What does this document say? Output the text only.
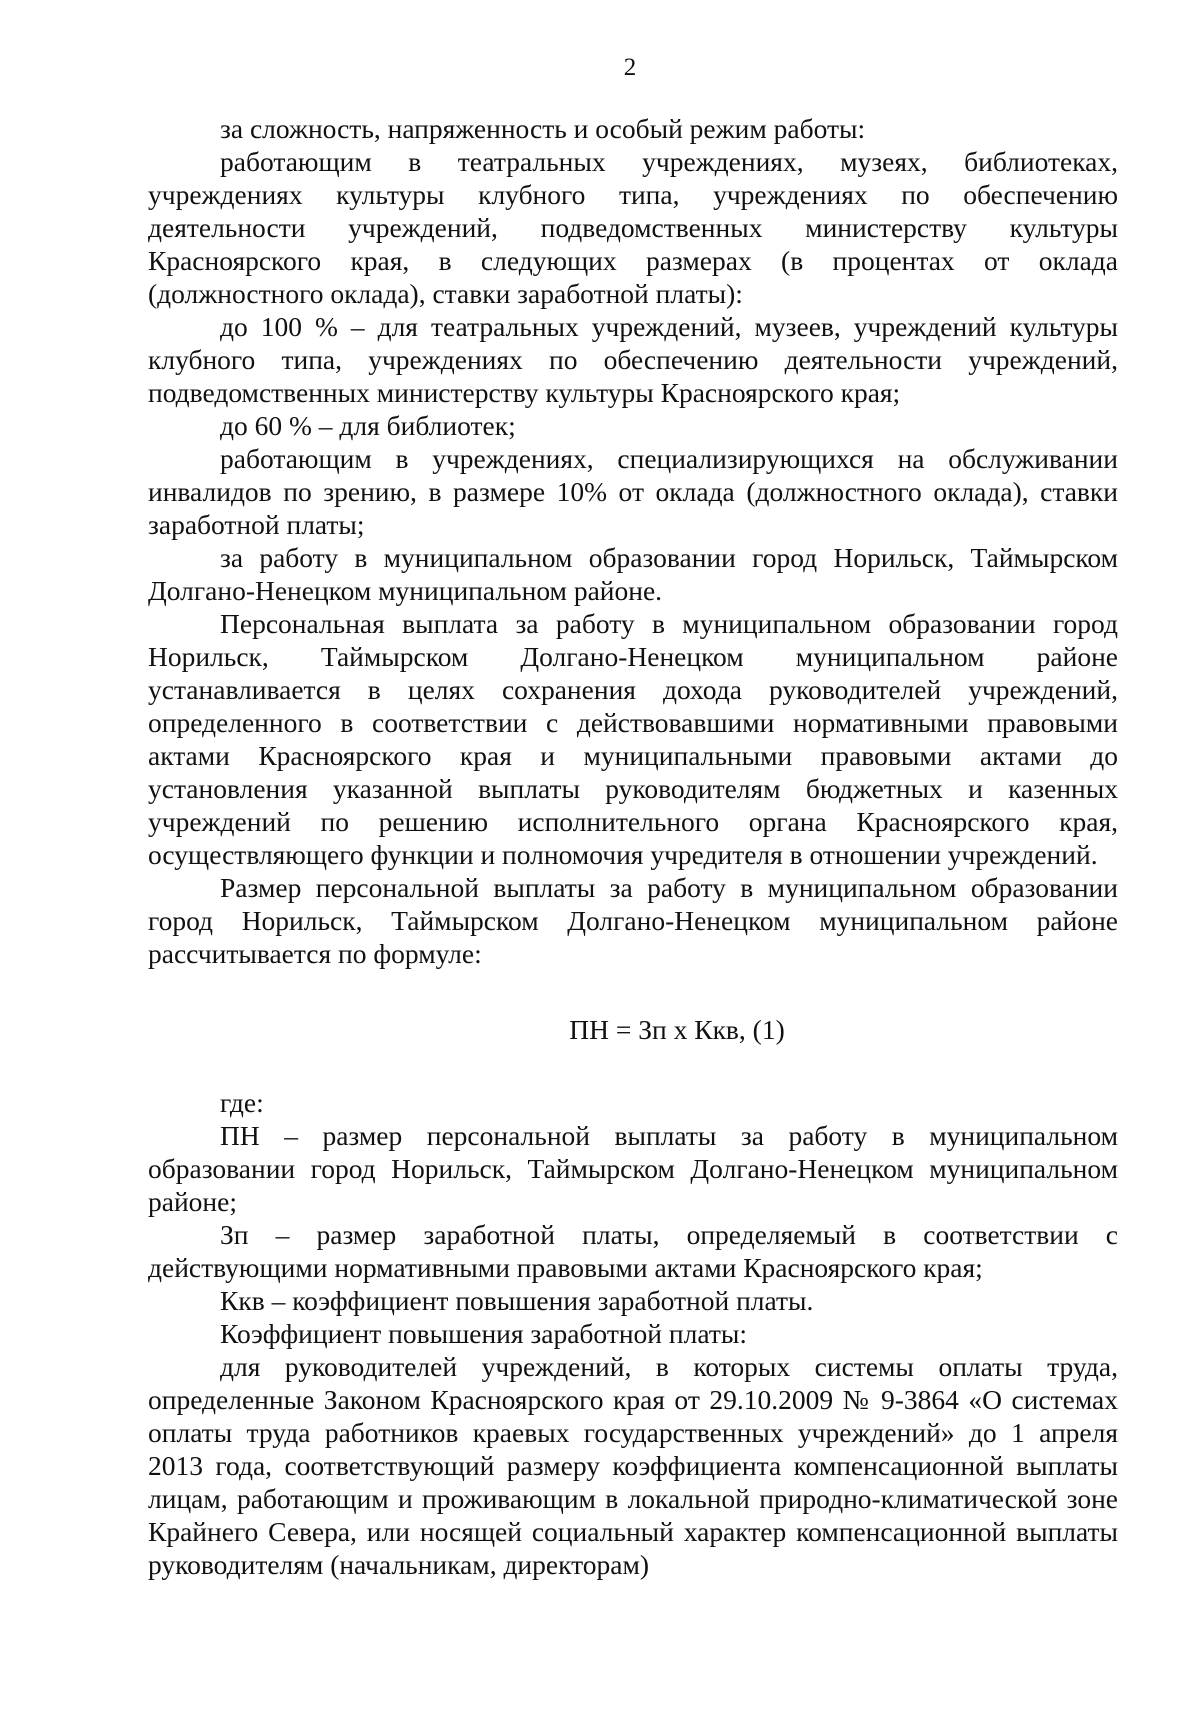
2

за сложность, напряженность и особый режим работы:

работающим в театральных учреждениях, музеях, библиотеках, учреждениях культуры клубного типа, учреждениях по обеспечению деятельности учреждений, подведомственных министерству культуры Красноярского края, в следующих размерах (в процентах от оклада (должностного оклада), ставки заработной платы):

до 100 % – для театральных учреждений, музеев, учреждений культуры клубного типа, учреждениях по обеспечению деятельности учреждений, подведомственных министерству культуры Красноярского края;

до 60 % – для библиотек;

работающим в учреждениях, специализирующихся на обслуживании инвалидов по зрению, в размере 10% от оклада (должностного оклада), ставки заработной платы;

за работу в муниципальном образовании город Норильск, Таймырском Долгано-Ненецком муниципальном районе.

Персональная выплата за работу в муниципальном образовании город Норильск, Таймырском Долгано-Ненецком муниципальном районе устанавливается в целях сохранения дохода руководителей учреждений, определенного в соответствии с действовавшими нормативными правовыми актами Красноярского края и муниципальными правовыми актами до установления указанной выплаты руководителям бюджетных и казенных учреждений по решению исполнительного органа Красноярского края, осуществляющего функции и полномочия учредителя в отношении учреждений.

Размер персональной выплаты за работу в муниципальном образовании город Норильск, Таймырском Долгано-Ненецком муниципальном районе рассчитывается по формуле:

ПН = Зп х Ккв, (1)

где:

ПН – размер персональной выплаты за работу в муниципальном образовании город Норильск, Таймырском Долгано-Ненецком муниципальном районе;

Зп – размер заработной платы, определяемый в соответствии с действующими нормативными правовыми актами Красноярского края;

Ккв – коэффициент повышения заработной платы.

Коэффициент повышения заработной платы:

для руководителей учреждений, в которых системы оплаты труда, определенные Законом Красноярского края от 29.10.2009 № 9-3864 «О системах оплаты труда работников краевых государственных учреждений» до 1 апреля 2013 года, соответствующий размеру коэффициента компенсационной выплаты лицам, работающим и проживающим в локальной природно-климатической зоне Крайнего Севера, или носящей социальный характер компенсационной выплаты руководителям (начальникам, директорам)
